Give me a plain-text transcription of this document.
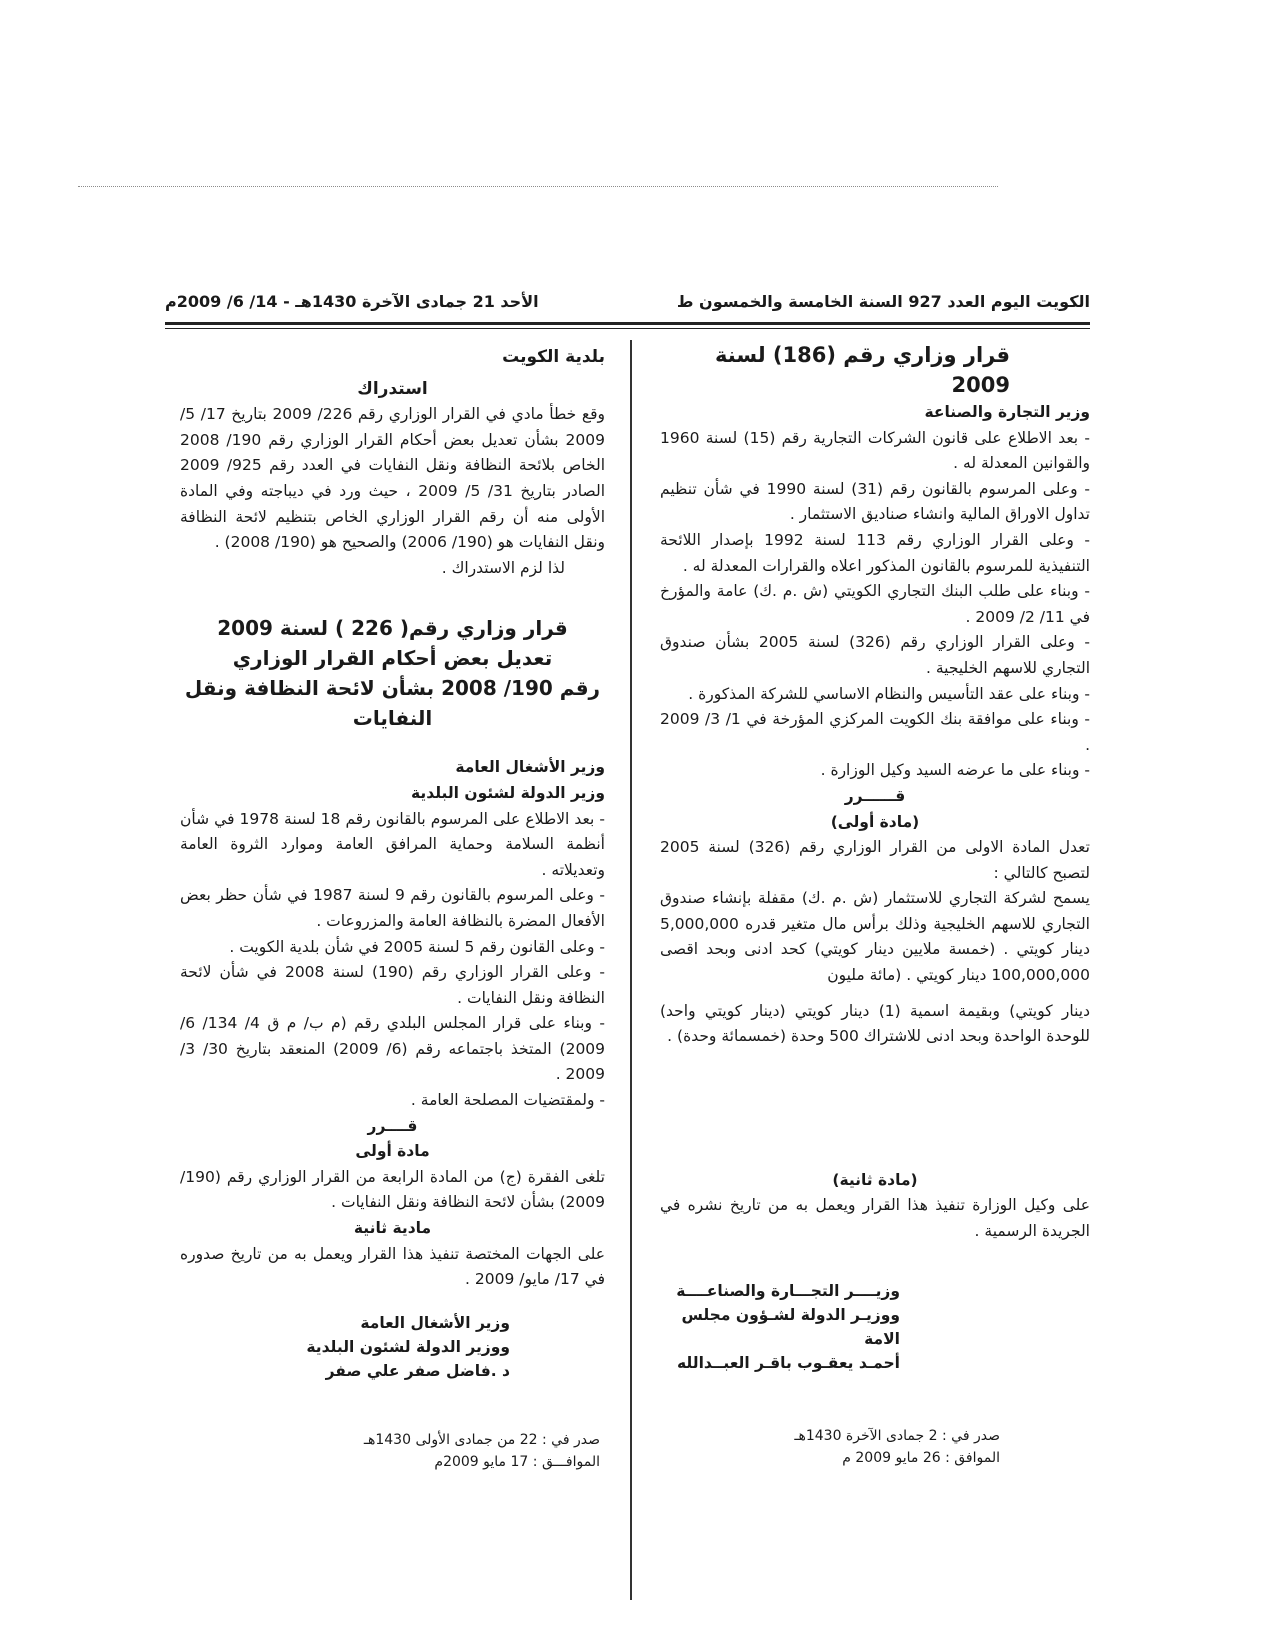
الكويت اليوم العدد 927 السنة الخامسة والخمسون ط
الأحد 21 جمادى الآخرة 1430هـ - 14/ 6/ 2009م

قرار وزاري رقم (186) لسنة 2009

وزير التجارة والصناعة

- بعد الاطلاع على قانون الشركات التجارية رقم (15) لسنة 1960 والقوانين المعدلة له .

- وعلى المرسوم بالقانون رقم (31) لسنة 1990 في شأن تنظيم تداول الاوراق المالية وانشاء صناديق الاستثمار .

- وعلى القرار الوزاري رقم 113 لسنة 1992 بإصدار اللائحة التنفيذية للمرسوم بالقانون المذكور اعلاه والقرارات المعدلة له .

- وبناء على طلب البنك التجاري الكويتي (ش .م .ك) عامة والمؤرخ في 11/ 2/ 2009 .

- وعلى القرار الوزاري رقم (326) لسنة 2005 بشأن صندوق التجاري للاسهم الخليجية .

- وبناء على عقد التأسيس والنظام الاساسي للشركة المذكورة .

- وبناء على موافقة بنك الكويت المركزي المؤرخة في 1/ 3/ 2009 .

- وبناء على ما عرضه السيد وكيل الوزارة .

قــــــرر

(مادة أولى)

تعدل المادة الاولى من القرار الوزاري رقم (326) لسنة 2005 لتصبح كالتالي :

يسمح لشركة التجاري للاستثمار (ش .م .ك) مقفلة بإنشاء صندوق التجاري للاسهم الخليجية وذلك برأس مال متغير قدره 5,000,000 دينار كويتي . (خمسة ملايين دينار كويتي) كحد ادنى وبحد اقصى 100,000,000 دينار كويتي . (مائة مليون

دينار كويتي) وبقيمة اسمية (1) دينار كويتي (دينار كويتي واحد) للوحدة الواحدة وبحد ادنى للاشتراك 500 وحدة (خمسمائة وحدة) .

(مادة ثانية)

على وكيل الوزارة تنفيذ هذا القرار ويعمل به من تاريخ نشره في الجريدة الرسمية .

وزيــــر التجـــارة والصناعــــة

ووزيـر الدولة لشـؤون مجلس الامة

أحمـد يعقـوب باقـر العبــدالله

صدر في : 2 جمادى الآخرة 1430هـ

الموافق : 26 مايو 2009 م

بلدية الكويت

استدراك

وقع خطأ مادي في القرار الوزاري رقم 226/ 2009 بتاريخ 17/ 5/ 2009 بشأن تعديل بعض أحكام القرار الوزاري رقم 190/ 2008 الخاص بلائحة النظافة ونقل النفايات في العدد رقم 925/ 2009 الصادر بتاريخ 31/ 5/ 2009 ، حيث ورد في ديباجته وفي المادة الأولى منه أن رقم القرار الوزاري الخاص بتنظيم لائحة النظافة ونقل النفايات هو (190/ 2006) والصحيح هو (190/ 2008) .

لذا لزم الاستدراك .

قرار وزاري رقم( 226 ) لسنة 2009

تعديل بعض أحكام القرار الوزاري

رقم 190/ 2008 بشأن لائحة النظافة ونقل النفايات

وزير الأشغال العامة

وزير الدولة لشئون البلدية

- بعد الاطلاع على المرسوم بالقانون رقم 18 لسنة 1978 في شأن أنظمة السلامة وحماية المرافق العامة وموارد الثروة العامة وتعديلاته .

- وعلى المرسوم بالقانون رقم 9 لسنة 1987 في شأن حظر بعض الأفعال المضرة بالنظافة العامة والمزروعات .

- وعلى القانون رقم 5 لسنة 2005 في شأن بلدية الكويت .

- وعلى القرار الوزاري رقم (190) لسنة 2008 في شأن لائحة النظافة ونقل النفايات .

- وبناء على قرار المجلس البلدي رقم (م ب/ م ق 4/ 134/ 6/ 2009) المتخذ باجتماعه رقم (6/ 2009) المنعقد بتاريخ 30/ 3/ 2009 .

- ولمقتضيات المصلحة العامة .

قــــرر

مادة أولى

تلغى الفقرة (ج) من المادة الرابعة من القرار الوزاري رقم (190/ 2009) بشأن لائحة النظافة ونقل النفايات .

مادية ثانية

على الجهات المختصة تنفيذ هذا القرار ويعمل به من تاريخ صدوره في 17/ مايو/ 2009 .

وزير الأشغال العامة

ووزير الدولة لشئون البلدية

د .فاضل صفر علي صفر

صدر في : 22 من جمادى الأولى 1430هـ

الموافـــق : 17 مايو 2009م
